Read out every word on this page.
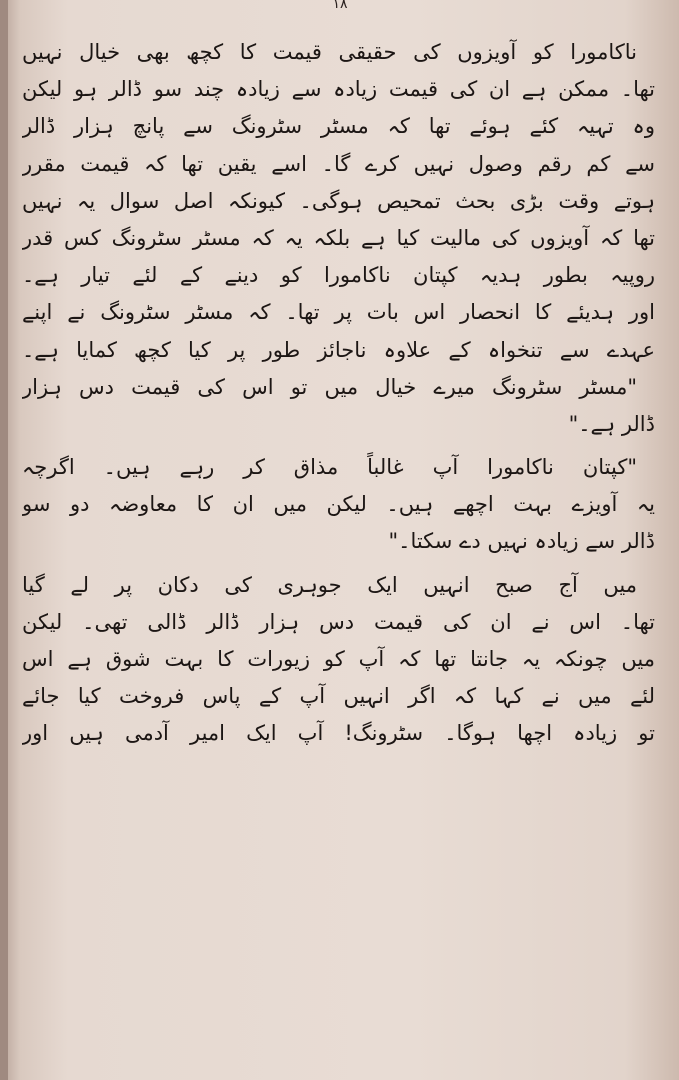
۱۸
ناکامورا کو آویزوں کی حقیقی قیمت کا کچھ بھی خیال نہیں
تھا۔ ممکن ہے ان کی قیمت زیادہ سے زیادہ چند سو ڈالر ہو لیکن
وہ تہیہ کئے ہوئے تھا کہ مسٹر سٹرونگ سے پانچ ہزار ڈالر
سے کم رقم وصول نہیں کرے گا۔ اسے یقین تھا کہ قیمت مقرر
ہوتے وقت بڑی بحث تمحیص ہوگی۔ کیونکہ اصل سوال یہ نہیں
تھا کہ آویزوں کی مالیت کیا ہے بلکہ یہ کہ مسٹر سٹرونگ کس قدر
روپیہ بطور ہدیہ کپتان ناکامورا کو دینے کے لئے تیار ہے۔
اور ہدیئے کا انحصار اس بات پر تھا۔ کہ مسٹر سٹرونگ نے اپنے
عہدے سے تنخواہ کے علاوہ ناجائز طور پر کیا کچھ کمایا ہے۔
"مسٹر سٹرونگ میرے خیال میں تو اس کی قیمت دس ہزار
ڈالر ہے۔"
"کپتان ناکامورا آپ غالباً مذاق کر رہے ہیں۔ اگرچہ
یہ آویزے بہت اچھے ہیں۔ لیکن میں ان کا معاوضہ دو سو
ڈالر سے زیادہ نہیں دے سکتا۔"
میں آج صبح انہیں ایک جوہری کی دکان پر لے گیا
تھا۔ اس نے ان کی قیمت دس ہزار ڈالر ڈالی تھی۔ لیکن
میں چونکہ یہ جانتا تھا کہ آپ کو زیورات کا بہت شوق ہے اس
لئے میں نے کہا کہ اگر انہیں آپ کے پاس فروخت کیا جائے
تو زیادہ اچھا ہوگا۔ سٹرونگ! آپ ایک امیر آدمی ہیں اور
